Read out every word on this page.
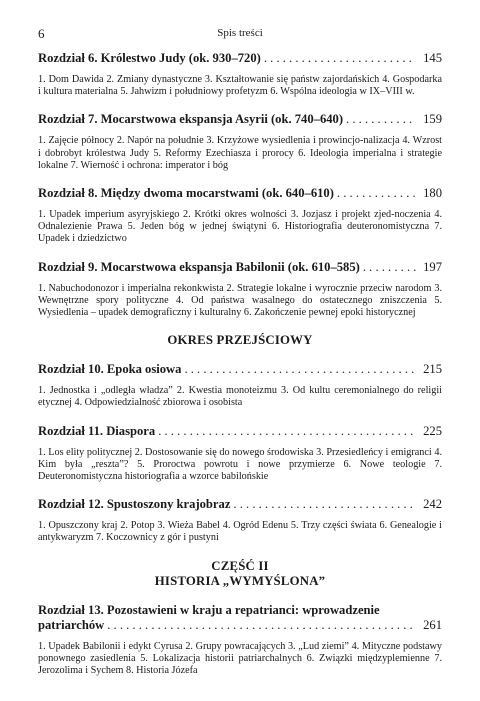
6	Spis treści
Rozdział 6. Królestwo Judy (ok. 930–720) . . .	145
1. Dom Dawida 2. Zmiany dynastyczne 3. Kształtowanie się państw zajordańskich 4. Gospodarka i kultura materialna 5. Jahwizm i południowy profetyzm 6. Wspólna ideologia w IX–VIII w.
Rozdział 7. Mocarstwowa ekspansja Asyrii (ok. 740–640) . . .	159
1. Zajęcie północy 2. Napór na południe 3. Krzyżowe wysiedlenia i prowincjo-nalizacja 4. Wzrost i dobrobyt królestwa Judy 5. Reformy Ezechiasza i prorocy 6. Ideologia imperialna i strategie lokalne 7. Wierność i ochrona: imperator i bóg
Rozdział 8. Między dwoma mocarstwami (ok. 640–610) . . .	180
1. Upadek imperium asyryjskiego 2. Krótki okres wolności 3. Jozjasz i projekt zjed-noczenia 4. Odnalezienie Prawa 5. Jeden bóg w jednej świątyni 6. Historiografia deuteronomistyczna 7. Upadek i dziedzictwo
Rozdział 9. Mocarstwowa ekspansja Babilonii (ok. 610–585) . . .	197
1. Nabuchodonozor i imperialna rekonkwista 2. Strategie lokalne i wyrocznie przeciw narodom 3. Wewnętrzne spory polityczne 4. Od państwa wasalnego do ostatecznego zniszczenia 5. Wysiedlenia – upadek demograficzny i kulturalny 6. Zakończenie pewnej epoki historycznej
OKRES PRZEJŚCIOWY
Rozdział 10. Epoka osiowa . . .	215
1. Jednostka i „odległa władza” 2. Kwestia monoteizmu 3. Od kultu ceremonialnego do religii etycznej 4. Odpowiedzialność zbiorowa i osobista
Rozdział 11. Diaspora . . .	225
1. Los elity politycznej 2. Dostosowanie się do nowego środowiska 3. Przesiedleńcy i emigranci 4. Kim była „reszta”? 5. Proroctwa powrotu i nowe przymierze 6. Nowe teologie 7. Deuteronomistyczna historiografia a wzorce babilońskie
Rozdział 12. Spustoszony krajobraz . . .	242
1. Opuszczony kraj 2. Potop 3. Wieża Babel 4. Ogród Edenu 5. Trzy części świata 6. Genealogie i antykwaryzm 7. Koczownicy z gór i pustyni
CZĘŚĆ II
HISTORIA „WYMYŚLONA”
Rozdział 13. Pozostawieni w kraju a repatrianci: wprowadzenie
patriarchów . . .	261
1. Upadek Babilonii i edykt Cyrusa 2. Grupy powracających 3. „Lud ziemi” 4. Mityczne podstawy ponownego zasiedlenia 5. Lokalizacja historii patriarchalnych 6. Związki międzyplemienne 7. Jerozolima i Sychem 8. Historia Józefa
